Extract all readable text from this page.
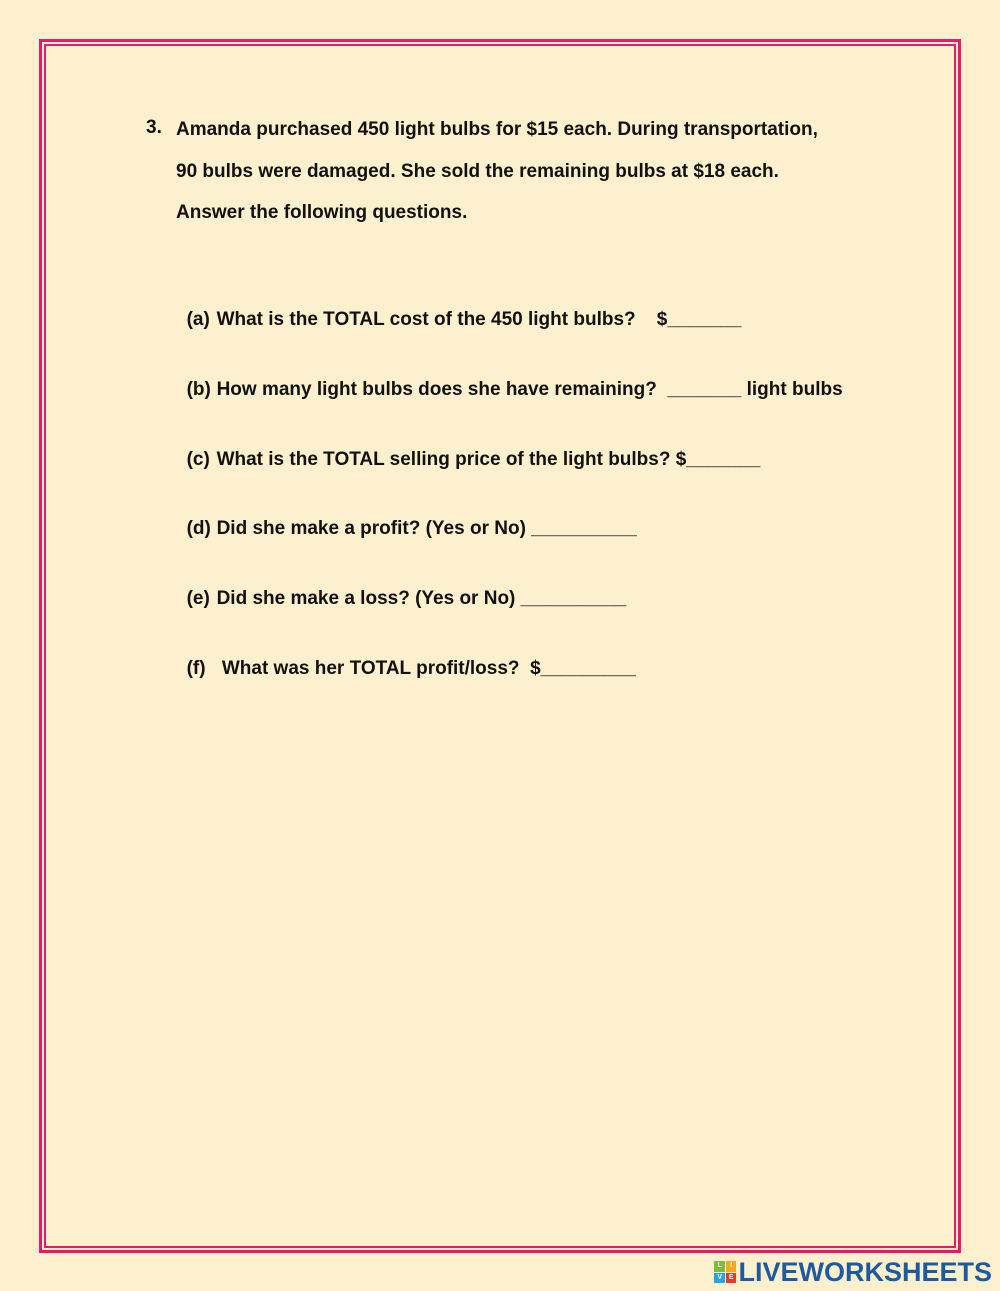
3. Amanda purchased 450 light bulbs for $15 each. During transportation,
90 bulbs were damaged. She sold the remaining bulbs at $18 each.
Answer the following questions.

(a) What is the TOTAL cost of the 450 light bulbs?    $_______

(b) How many light bulbs does she have remaining?  _______ light bulbs

(c) What is the TOTAL selling price of the light bulbs? $_______

(d) Did she make a profit? (Yes or No) __________

(e) Did she make a loss? (Yes or No) __________

(f) What was her TOTAL profit/loss?  $_________

L	I
V E LIVEWORKSHEETS
